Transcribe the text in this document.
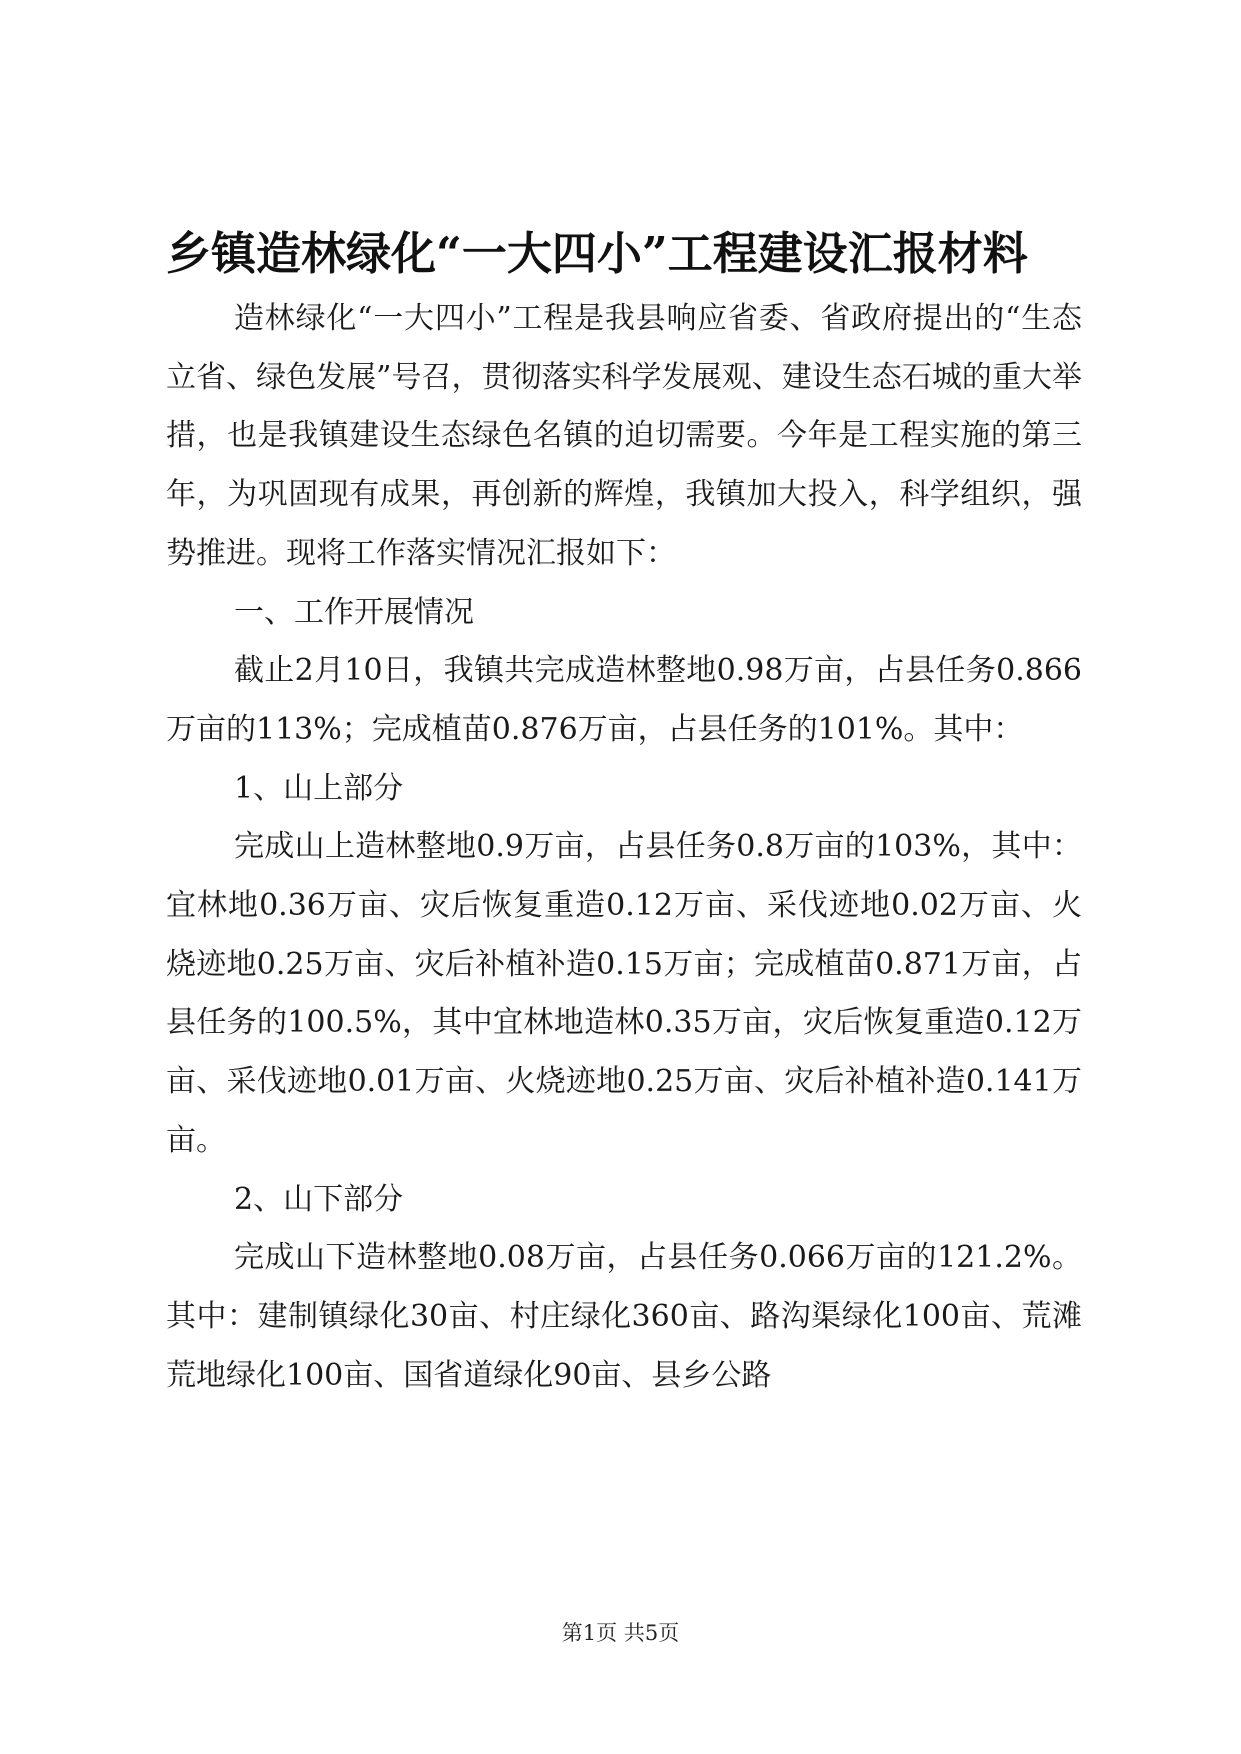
乡镇造林绿化“一大四小”工程建设汇报材料

造林绿化“一大四小”工程是我县响应省委、省政府提出的“生态立省、绿色发展”号召，贯彻落实科学发展观、建设生态石城的重大举措，也是我镇建设生态绿色名镇的迫切需要。今年是工程实施的第三年，为巩固现有成果，再创新的辉煌，我镇加大投入，科学组织，强势推进。现将工作落实情况汇报如下：

一、工作开展情况

截止2月10日，我镇共完成造林整地0.98万亩，占县任务0.866万亩的113%；完成植苗0.876万亩，占县任务的101%。其中：

1、山上部分

完成山上造林整地0.9万亩，占县任务0.8万亩的103%，其中：宜林地0.36万亩、灾后恢复重造0.12万亩、采伐迹地0.02万亩、火烧迹地0.25万亩、灾后补植补造0.15万亩；完成植苗0.871万亩，占县任务的100.5%，其中宜林地造林0.35万亩，灾后恢复重造0.12万亩、采伐迹地0.01万亩、火烧迹地0.25万亩、灾后补植补造0.141万亩。

2、山下部分

完成山下造林整地0.08万亩，占县任务0.066万亩的121.2%。其中：建制镇绿化30亩、村庄绿化360亩、路沟渠绿化100亩、荒滩荒地绿化100亩、国省道绿化90亩、县乡公路

第1页 共5页
